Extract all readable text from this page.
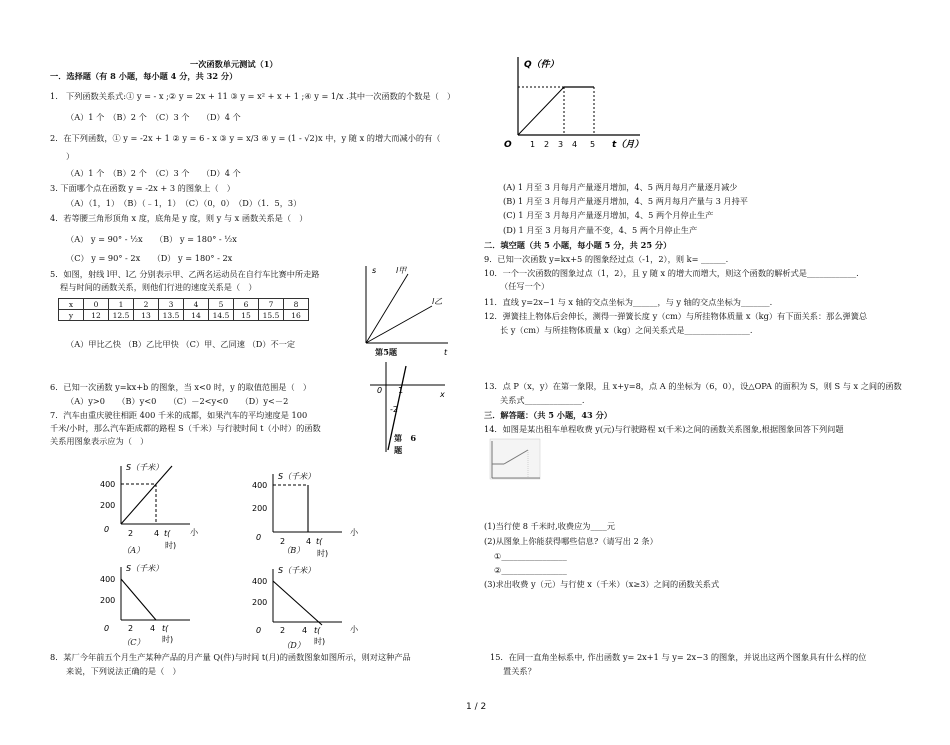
一次函数单元测试（1）
一．选择题（有 8 小题，每小题 4 分，共 32 分）
1.　下列函数关系式:① y = - x ;② y = 2x + 11 ③ y = x² + x + 1 ;④ y = 1/x .其中一次函数的个数是（　）
（A）1 个　（B）2 个　（C）3 个　　（D）4 个
2．在下列函数，① y = -2x + 1 ② y = 6 - x ③ y = x/3 ④ y = (1 - √2)x 中，y 随 x 的增大而减小的有（
）
（A）1 个　（B）2 个　（C）3 个　　（D）4 个
3. 下面哪个点在函数 y = -2x + 3 的图象上（　）
（A）（1，1）　（B）（﹣1，1）　（C）（0，0）　（D）（1．5，3）
4．若等腰三角形顶角 x 度，底角是 y 度，则 y 与 x 函数关系是（　）
（A） y = 90° - ½x　　（B） y = 180° - ½x
（C） y = 90° - 2x　　（D） y = 180° - 2x
5．如图，射线 l甲、l乙 分别表示甲、乙两名运动员在自行车比赛中所走路
程与时间的函数关系，则他们行进的速度关系是（　）
x	0	1	2	3	4	5	6	7	8
y	12	12.5	13	13.5	14	14.5	15	15.5	16
（A）甲比乙快 （B）乙比甲快 （C）甲、乙同速 （D）不一定
s
t
l甲
l乙
第5题
0 1
-2
x
第　6
题
6．已知一次函数 y=kx+b 的图象，当 x<0 时，y 的取值范围是（　）
（A）y>0　　（B）y<0　　（C）－2<y<0　　（D）y<－2
7．汽车由重庆驶往相距 400 千米的成都，如果汽车的平均速度是 100
千米/小时，那么汽车距成都的路程 S（千米）与行驶时间 t（小时）的函数
关系用图象表示应为（　）
400
200
0 2	4 t(
时)
S（千米）
小
（A）
400
200
0 2	4 t(
时)
S（千米）
小
（B）
400
200
0 2 4 t(
时)
S（千米）
（C）
400
200
0 2 4 t(
时)
S（千米）
小
（D）
8．某厂今年前五个月生产某种产品的月产量 Q(件)与时间 t(月)的函数图象如图所示，则对这种产品
来说，下列说法正确的是（　）
Q（件）
O 1 2 3 4 5 t（月）
(A) 1 月至 3 月每月产量逐月增加，4、5 两月每月产量逐月减少
(B) 1 月至 3 月每月产量逐月增加，4、5 两月每月产量与 3 月持平
(C) 1 月至 3 月每月产量逐月增加，4、5 两个月停止生产
(D) 1 月至 3 月每月产量不变，4、5 两个月停止生产
二．填空题（共 5 小题，每小题 5 分，共 25 分）
9．已知一次函数 y=kx+5 的图象经过点（-1，2），则 k= ______.
10．一个一次函数的图象过点（1，2），且 y 随 x 的增大而增大，则这个函数的解析式是____________.
（任写一个）
11．直线 y=2x−1 与 x 轴的交点坐标为______，与 y 轴的交点坐标为_______.
12．弹簧挂上物体后会伸长，测得一弹簧长度 y（cm）与所挂物体质量 x（kg）有下面关系：那么弹簧总
长 y（cm）与所挂物体质量 x（kg）之间关系式是________________.
13．点 P（x，y）在第一象限，且 x+y=8，点 A 的坐标为（6，0），设△OPA 的面积为 S，则 S 与 x 之间的函数
关系式______________.
三．解答题：（共 5 小题，43 分）
14．如图是某出租车单程收费 y(元)与行驶路程 x(千米)之间的函数关系图象,根据图象回答下列问题
(1)当行使 8 千米时,收费应为____元
(2)从图象上你能获得哪些信息?（请写出 2 条）
①________________
②________________
(3)求出收费 y（元）与行使 x（千米）（x≥3）之间的函数关系式
15．在同一直角坐标系中, 作出函数 y= 2x+1 与 y= 2x−3 的图象，并说出这两个图象具有什么样的位
置关系？
1 / 2
